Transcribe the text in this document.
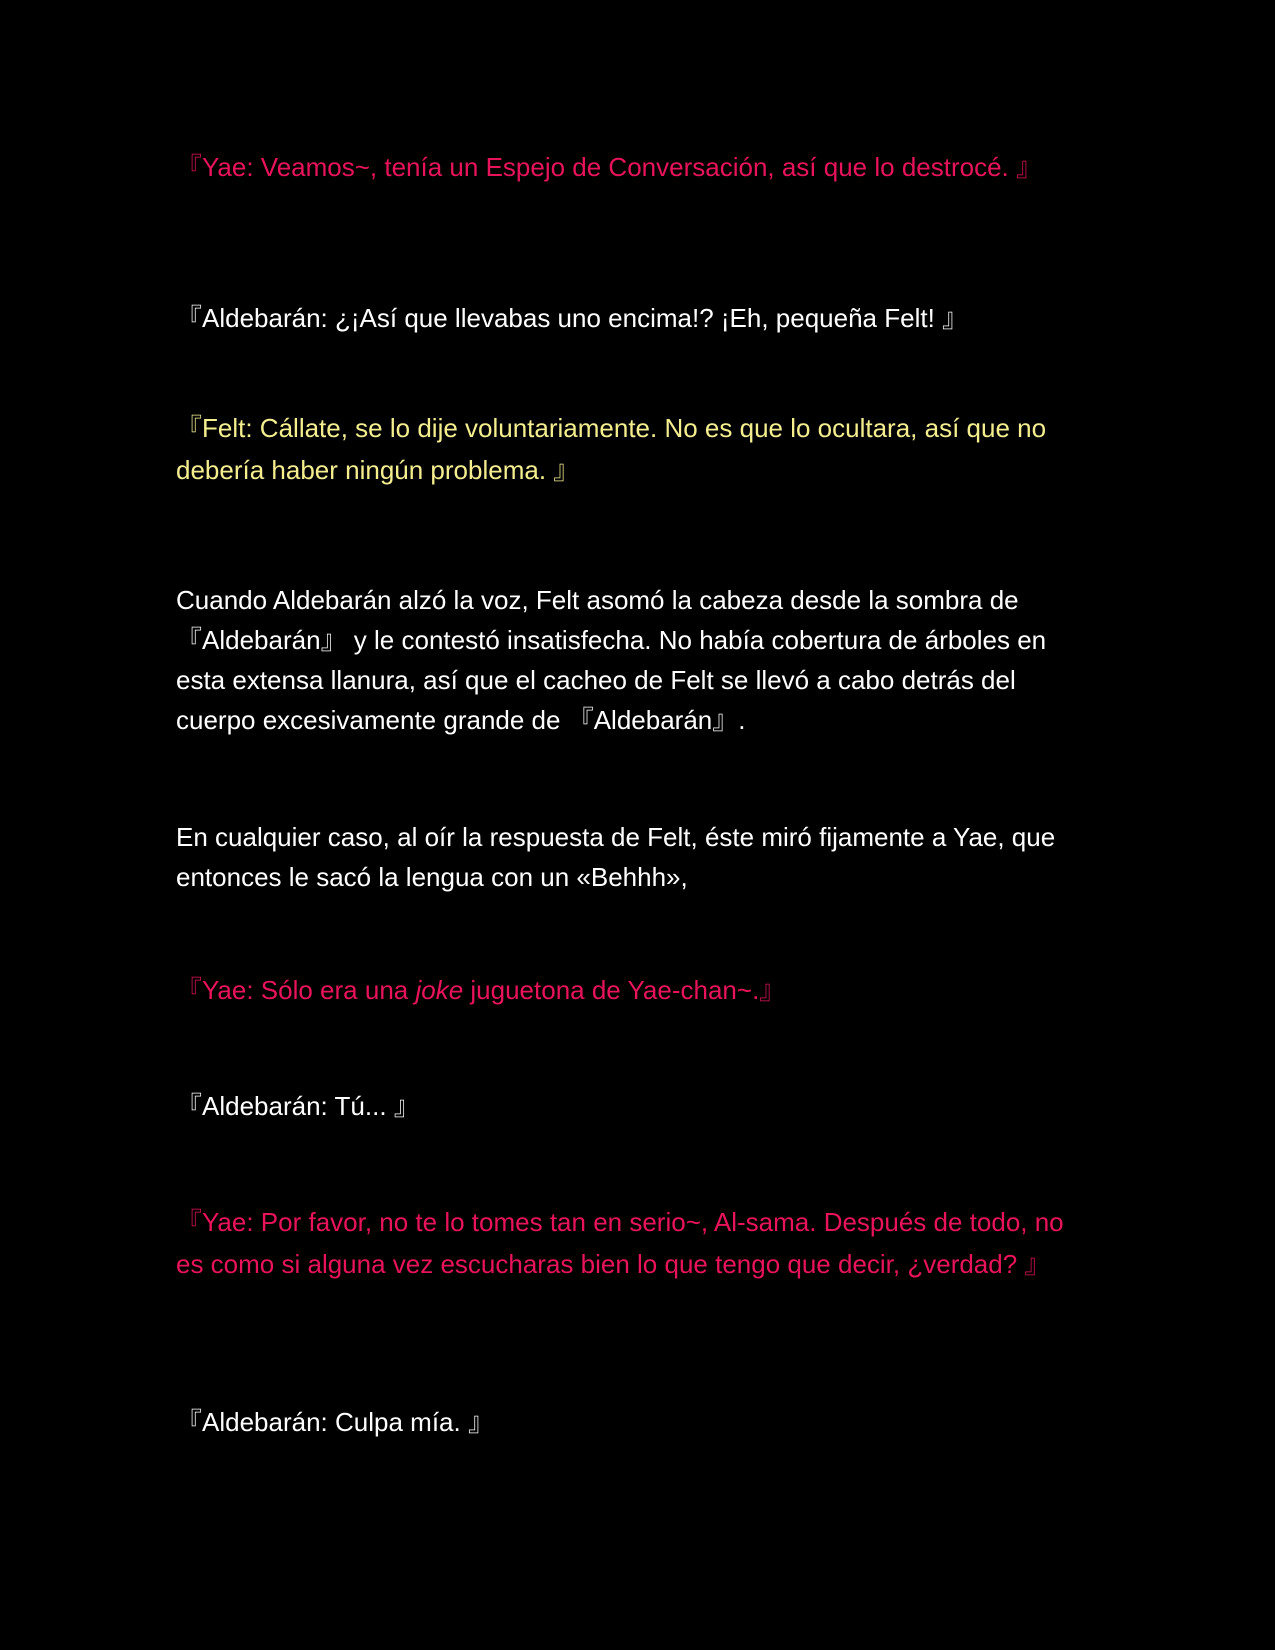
『 Yae: Veamos~, tenía un Espejo de Conversación, así que lo destrocé. 』

『 Aldebarán: ¿¡Así que llevabas uno encima!? ¡Eh, pequeña Felt! 』

『 Felt: Cállate, se lo dije voluntariamente. No es que lo ocultara, así que no debería haber ningún problema. 』

Cuando Aldebarán alzó la voz, Felt asomó la cabeza desde la sombra de 『 Aldebarán 』 y le contestó insatisfecha. No había cobertura de árboles en esta extensa llanura, así que el cacheo de Felt se llevó a cabo detrás del cuerpo excesivamente grande de 『 Aldebarán 』 .

En cualquier caso, al oír la respuesta de Felt, éste miró fijamente a Yae, que entonces le sacó la lengua con un «Behhh»,

『 Yae: Sólo era una joke juguetona de Yae-chan~. 』

『 Aldebarán: Tú... 』

『 Yae: Por favor, no te lo tomes tan en serio~, Al-sama. Después de todo, no es como si alguna vez escucharas bien lo que tengo que decir, ¿verdad? 』

『 Aldebarán: Culpa mía. 』
